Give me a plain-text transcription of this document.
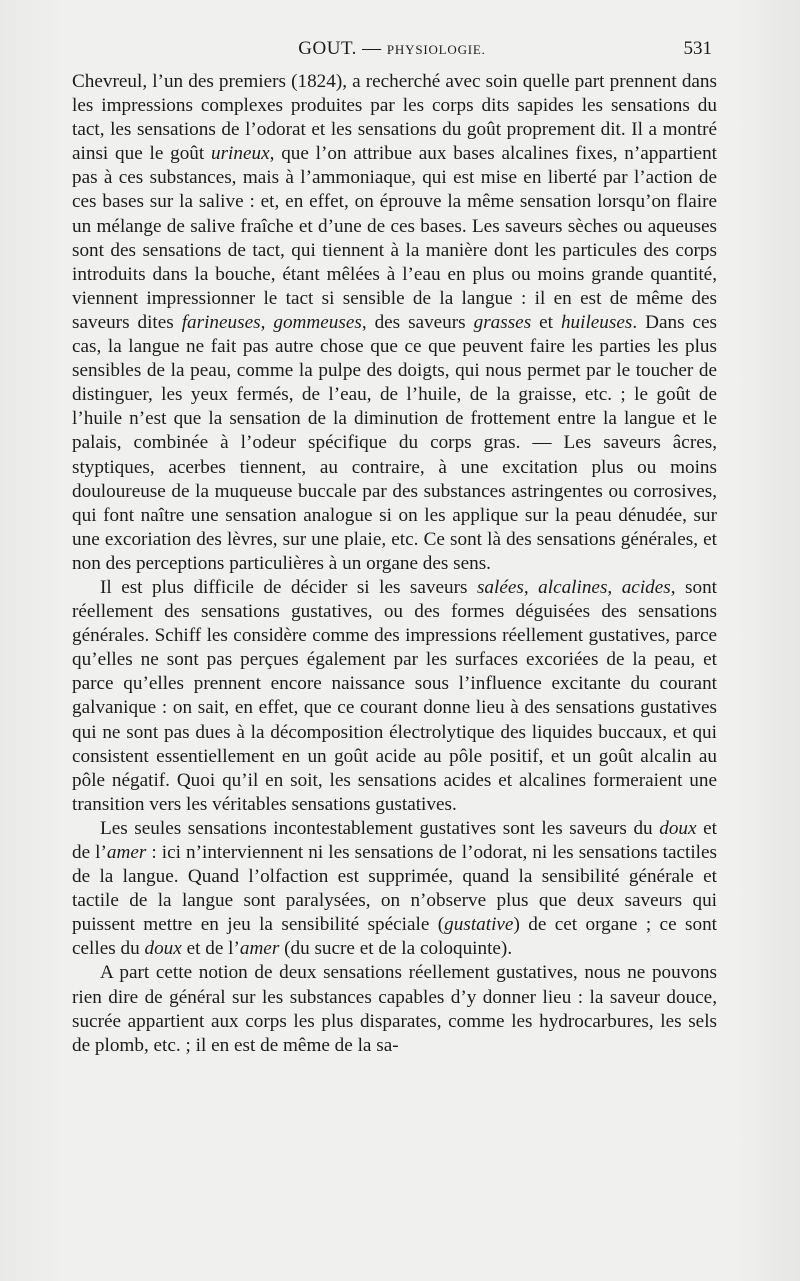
GOUT. — PHYSIOLOGIE.	531

Chevreul, l’un des premiers (1824), a recherché avec soin quelle part prennent dans les impressions complexes produites par les corps dits sapides les sensations du tact, les sensations de l’odorat et les sensations du goût proprement dit. Il a montré ainsi que le goût urineux, que l’on attribue aux bases alcalines fixes, n’appartient pas à ces substances, mais à l’ammoniaque, qui est mise en liberté par l’action de ces bases sur la salive : et, en effet, on éprouve la même sensation lorsqu’on flaire un mélange de salive fraîche et d’une de ces bases. Les saveurs sèches ou aqueuses sont des sensations de tact, qui tiennent à la manière dont les particules des corps introduits dans la bouche, étant mêlées à l’eau en plus ou moins grande quantité, viennent impressionner le tact si sensible de la langue : il en est de même des saveurs dites farineuses, gommeuses, des saveurs grasses et huileuses. Dans ces cas, la langue ne fait pas autre chose que ce que peuvent faire les parties les plus sensibles de la peau, comme la pulpe des doigts, qui nous permet par le toucher de distinguer, les yeux fermés, de l’eau, de l’huile, de la graisse, etc. ; le goût de l’huile n’est que la sensation de la diminution de frottement entre la langue et le palais, combinée à l’odeur spécifique du corps gras. — Les saveurs âcres, styptiques, acerbes tiennent, au contraire, à une excitation plus ou moins douloureuse de la muqueuse buccale par des substances astringentes ou corrosives, qui font naître une sensation analogue si on les applique sur la peau dénudée, sur une excoriation des lèvres, sur une plaie, etc. Ce sont là des sensations générales, et non des perceptions particulières à un organe des sens.

Il est plus difficile de décider si les saveurs salées, alcalines, acides, sont réellement des sensations gustatives, ou des formes déguisées des sensations générales. Schiff les considère comme des impressions réellement gustatives, parce qu’elles ne sont pas perçues également par les surfaces excoriées de la peau, et parce qu’elles prennent encore naissance sous l’influence excitante du courant galvanique : on sait, en effet, que ce courant donne lieu à des sensations gustatives qui ne sont pas dues à la décomposition électrolytique des liquides buccaux, et qui consistent essentiellement en un goût acide au pôle positif, et un goût alcalin au pôle négatif. Quoi qu’il en soit, les sensations acides et alcalines formeraient une transition vers les véritables sensations gustatives.

Les seules sensations incontestablement gustatives sont les saveurs du doux et de l’amer : ici n’interviennent ni les sensations de l’odorat, ni les sensations tactiles de la langue. Quand l’olfaction est supprimée, quand la sensibilité générale et tactile de la langue sont paralysées, on n’observe plus que deux saveurs qui puissent mettre en jeu la sensibilité spéciale (gustative) de cet organe ; ce sont celles du doux et de l’amer (du sucre et de la coloquinte).

A part cette notion de deux sensations réellement gustatives, nous ne pouvons rien dire de général sur les substances capables d’y donner lieu : la saveur douce, sucrée appartient aux corps les plus disparates, comme les hydrocarbures, les sels de plomb, etc. ; il en est de même de la sa-
